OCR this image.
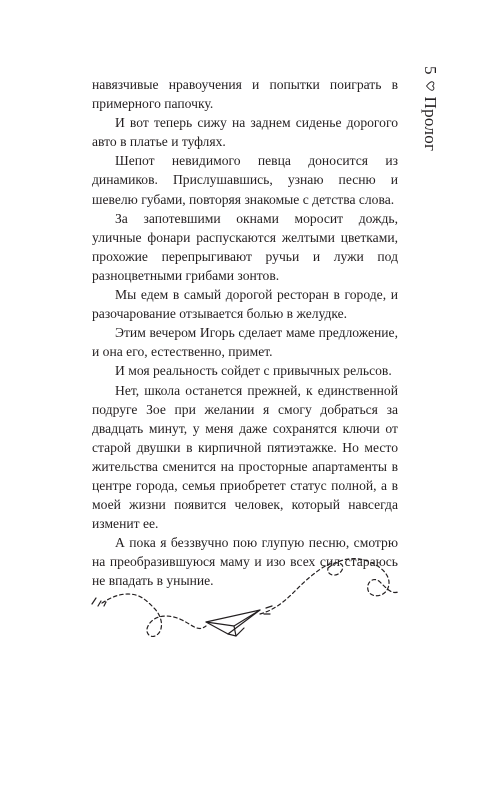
навязчивые нравоучения и попытки поиграть в примерного папочку.

И вот теперь сижу на заднем сиденье дорогого авто в платье и туфлях.

Шепот невидимого певца доносится из динамиков. Прислушавшись, узнаю песню и шевелю губами, повторяя знакомые с детства слова.

За запотевшими окнами моросит дождь, уличные фонари распускаются желтыми цветками, прохожие перепрыгивают ручьи и лужи под разноцветными грибами зонтов.

Мы едем в самый дорогой ресторан в городе, и разочарование отзывается болью в желудке.

Этим вечером Игорь сделает маме предложение, и она его, естественно, примет.

И моя реальность сойдет с привычных рельсов.

Нет, школа останется прежней, к единственной подруге Зое при желании я смогу добраться за двадцать минут, у меня даже сохранятся ключи от старой двушки в кирпичной пятиэтажке. Но место жительства сменится на просторные апартаменты в центре города, семья приобретет статус полной, а в моей жизни появится человек, который навсегда изменит ее.

А пока я беззвучно пою глупую песню, смотрю на преобразившуюся маму и изо всех сил стараюсь не впадать в уныние.

Пролог
5
